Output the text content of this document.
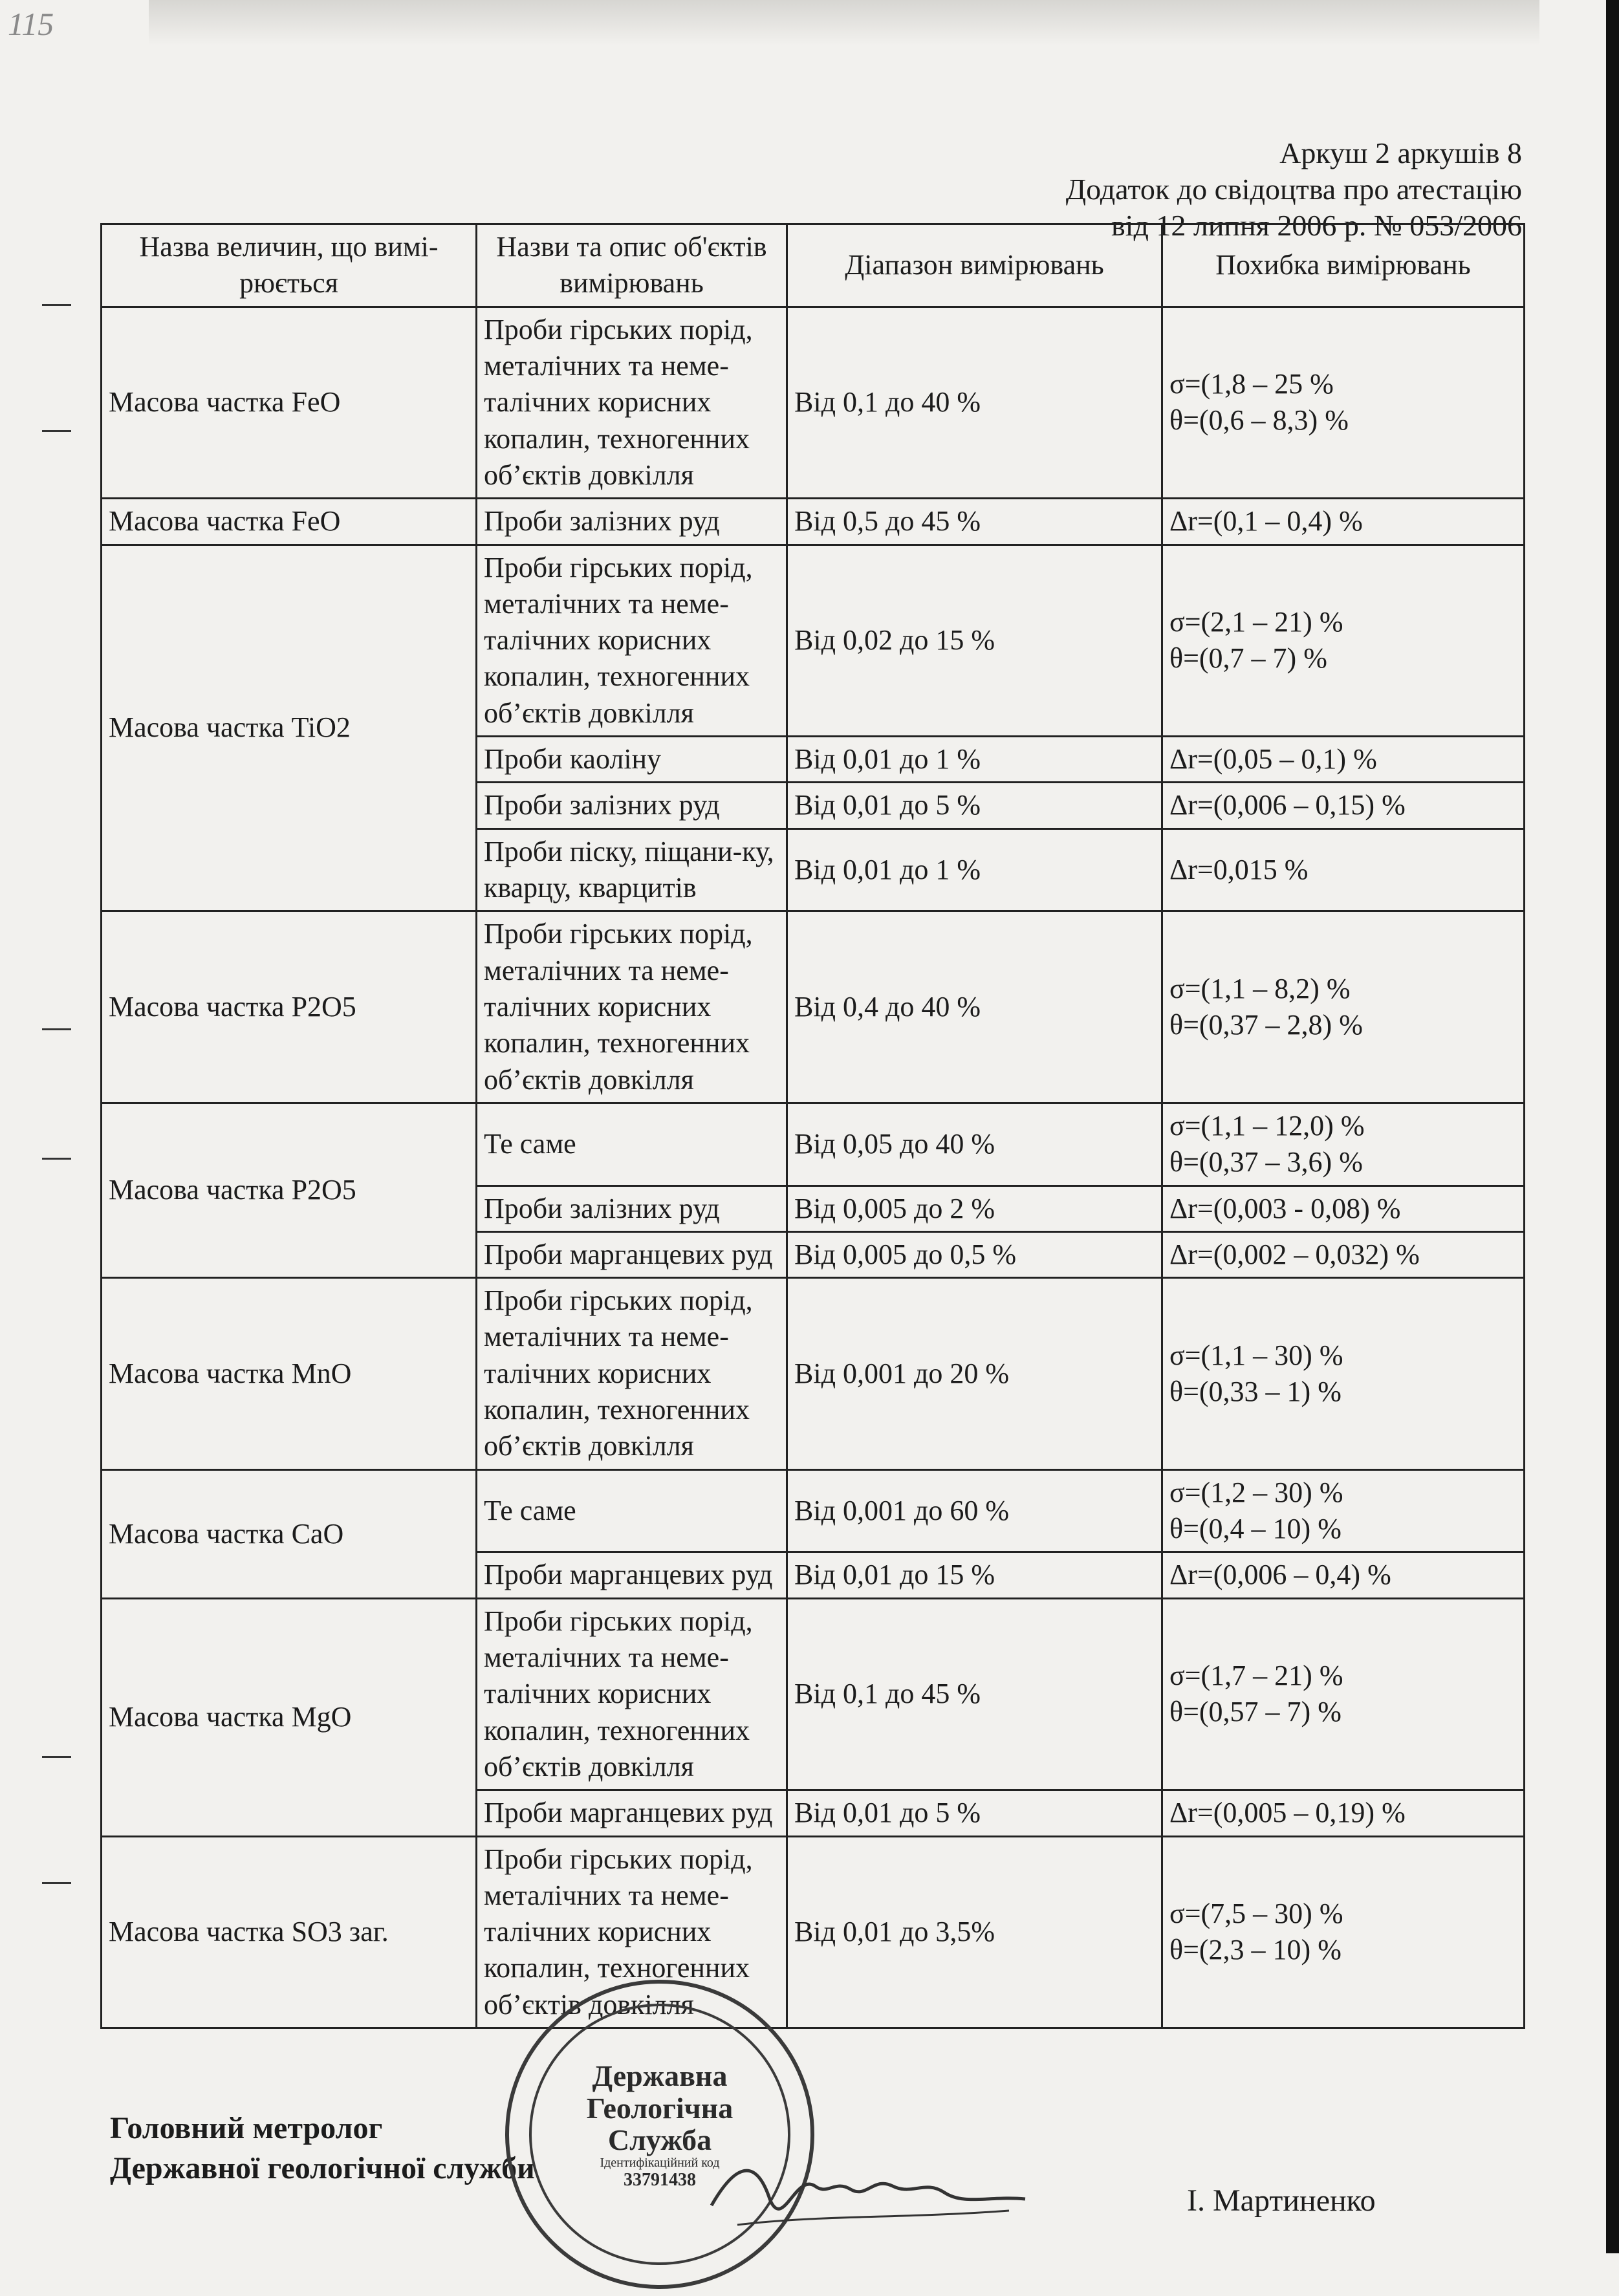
115
Аркуш 2 аркушів 8
Додаток до свідоцтва про атестацію
від 12 липня 2006 р. № 053/2006
Назва величин, що вимі-рюється	Назви та опис об'єктів вимірювань	Діапазон вимірювань	Похибка вимірювань
Масова частка FeO	Проби гірських порід, металічних та неме-талічних корисних копалин, техногенних об’єктів довкілля	Від 0,1 до 40 %	σ=(1,8 – 25 %
θ=(0,6 – 8,3) %
Масова частка FeO	Проби залізних руд	Від 0,5 до 45 %	Δr=(0,1 – 0,4) %
Масова частка TiO2	Проби гірських порід, металічних та неме-талічних корисних копалин, техногенних об’єктів довкілля	Від 0,02 до 15 %	σ=(2,1 – 21) %
θ=(0,7 – 7) %
	Проби каоліну	Від 0,01 до 1 %	Δr=(0,05 – 0,1) %
	Проби залізних руд	Від 0,01 до 5 %	Δr=(0,006 – 0,15) %
	Проби піску, піщани-ку, кварцу, кварцитів	Від 0,01 до 1 %	Δr=0,015 %
Масова частка P2O5	Проби гірських порід, металічних та неме-талічних корисних копалин, техногенних об’єктів довкілля	Від 0,4 до 40 %	σ=(1,1 – 8,2) %
θ=(0,37 – 2,8) %
Масова частка P2O5	Те саме	Від 0,05 до 40 %	σ=(1,1 – 12,0) %
θ=(0,37 – 3,6) %
	Проби залізних руд	Від 0,005 до 2 %	Δr=(0,003 - 0,08) %
	Проби марганцевих руд	Від 0,005 до 0,5 %	Δr=(0,002 – 0,032) %
Масова частка MnO	Проби гірських порід, металічних та неме-талічних корисних копалин, техногенних об’єктів довкілля	Від 0,001 до 20 %	σ=(1,1 – 30) %
θ=(0,33 – 1) %
Масова частка CaO	Те саме	Від 0,001 до 60 %	σ=(1,2 – 30) %
θ=(0,4 – 10) %
	Проби марганцевих руд	Від 0,01 до 15 %	Δr=(0,006 – 0,4) %
Масова частка MgO	Проби гірських порід, металічних та неме-талічних корисних копалин, техногенних об’єктів довкілля	Від 0,1 до 45 %	σ=(1,7 – 21) %
θ=(0,57 – 7) %
	Проби марганцевих руд	Від 0,01 до 5 %	Δr=(0,005 – 0,19) %
Масова частка SO3 заг.	Проби гірських порід, металічних та неме-талічних корисних копалин, техногенних об’єктів довкілля	Від 0,01 до 3,5%	σ=(7,5 – 30) %
θ=(2,3 – 10) %
Головний метролог
Державної геологічної служби
Державна
Геологічна
Служба
Ідентифікаційний код
33791438
І. Мартиненко
